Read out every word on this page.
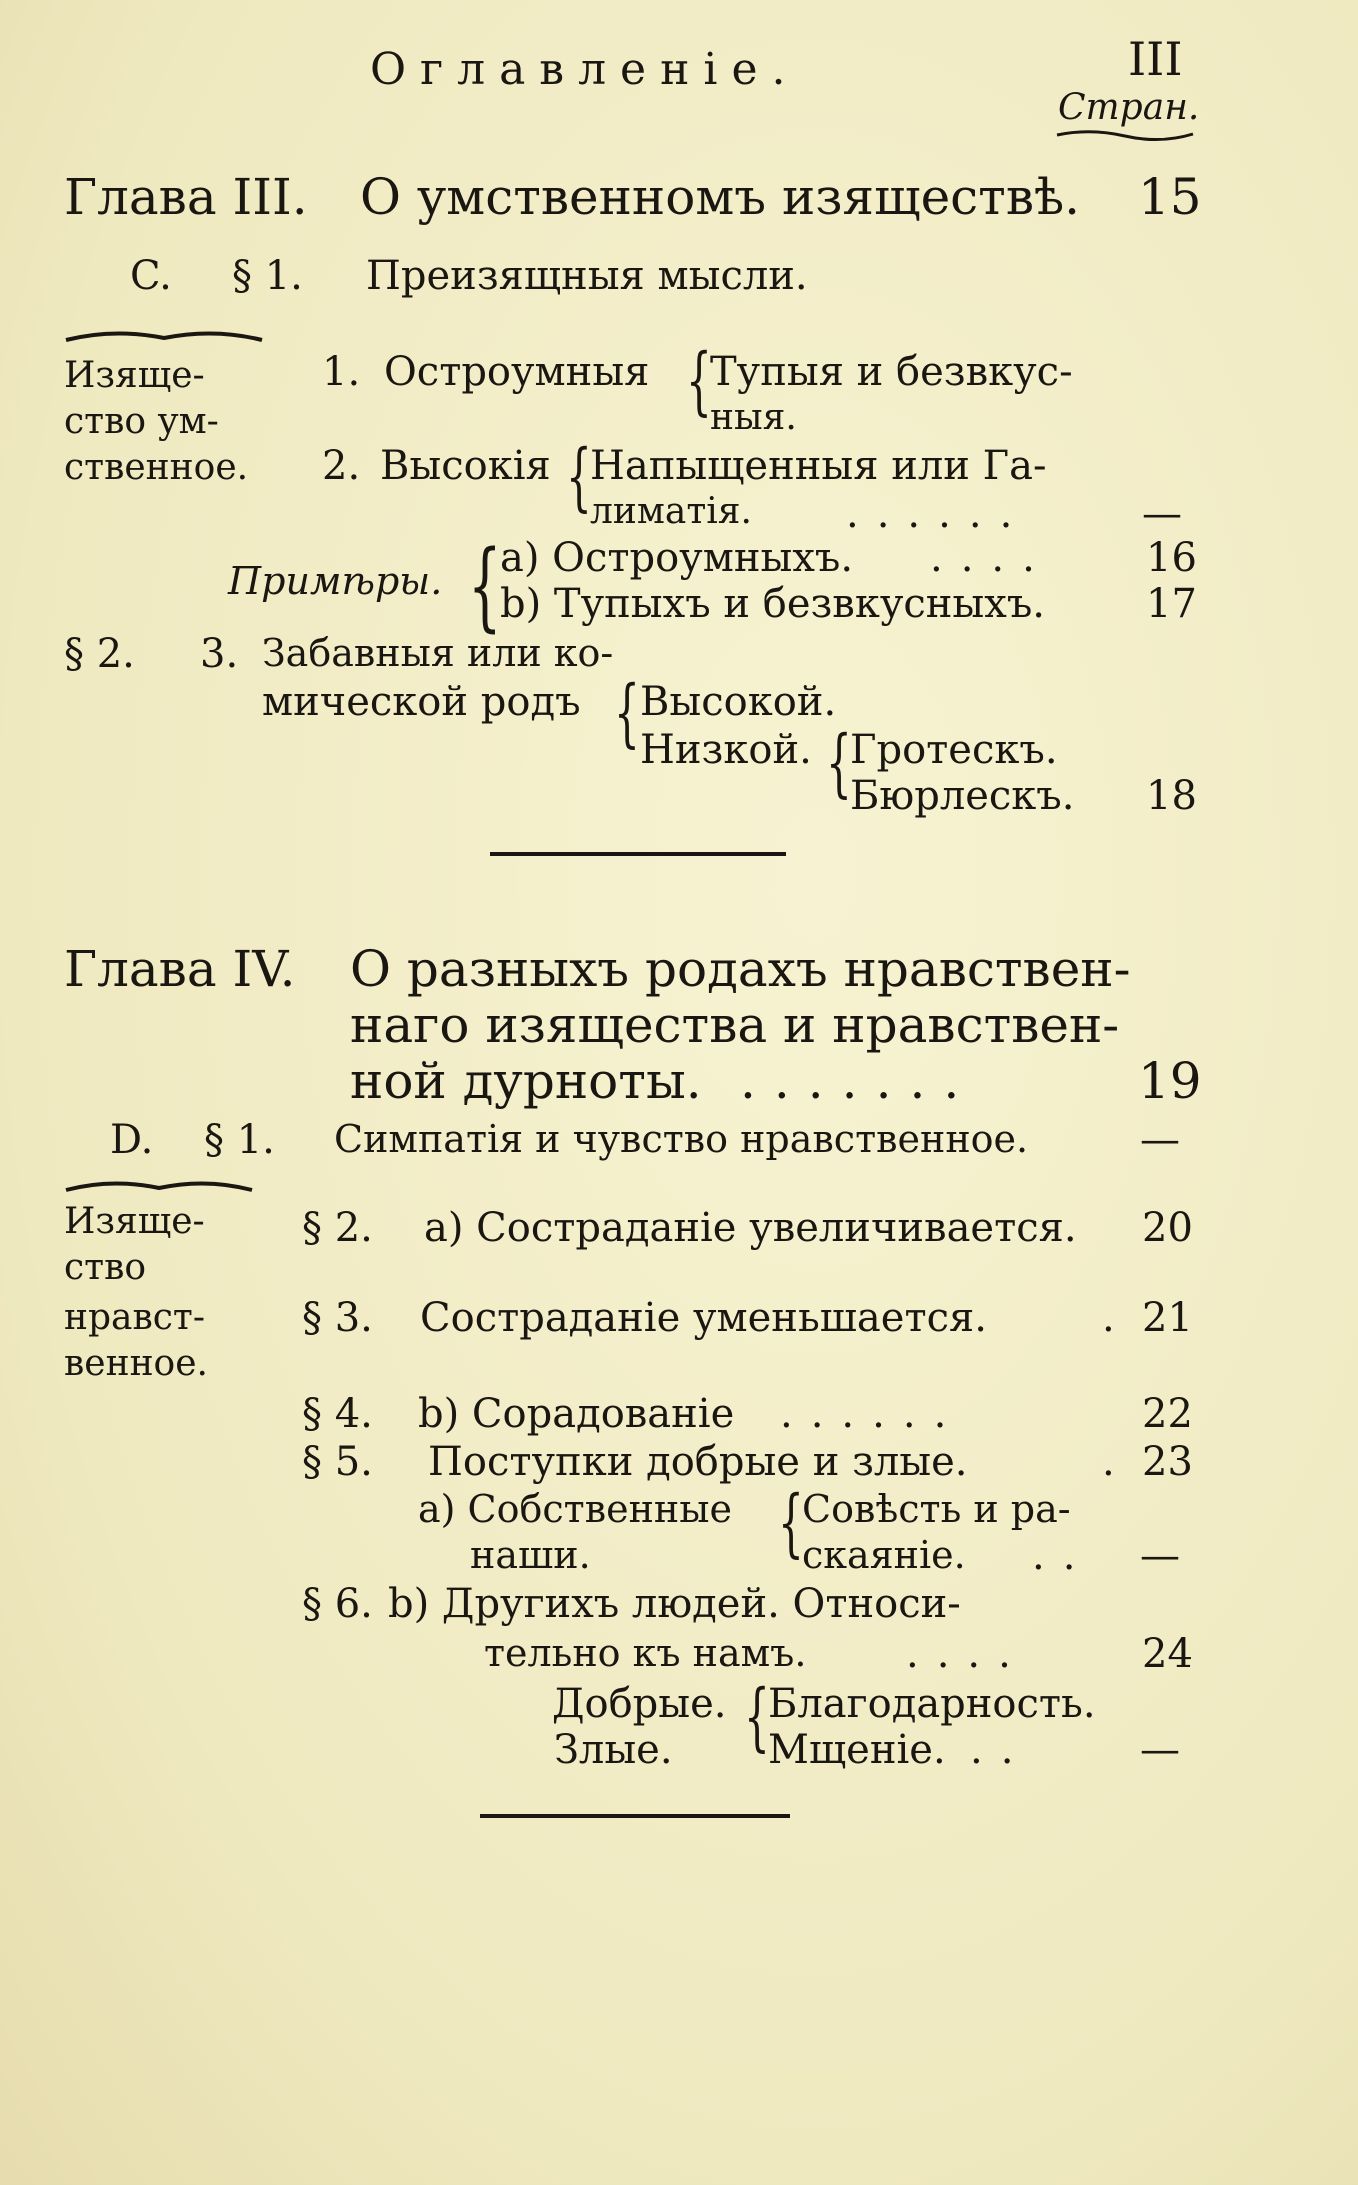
Оглавленіе.	III
Стран.
Глава III. О умственномъ изяществѣ. 15
C. § 1. Преизящныя мысли.
Изяще-
ство ум-
ственное.
1. Остроумныя {
Тупыя и безвкус-
ныя.
2. Высокія {
Напыщенныя или Га-
лиматія. ......	—
Примѣры. {
a) Остроумныхъ. .... 16
b) Тупыхъ и безвкусныхъ.	17
§ 2. 3. Забавныя или ко-
мической родъ { Высокой.
Низкой. {
Гротескъ.
Бюрлескъ. 18
Глава IV. О разныхъ родахъ нравствен-
наго изящества и нравствен-
ной дурноты. .......	19
D. § 1. Симпатія и чувство нравственное.	—
Изяще-
ство
нравст-
венное.
§ 2. a) Состраданіе увеличивается. 20
§ 3. Состраданіе уменьшается.	. 21
§ 4. b) Сорадованіе ......	22
§ 5. Поступки добрые и злые.	. 23
a) Собственные
наши.	{
Совѣсть и ра-
скаяніе. .. —
§ 6. b) Другихъ людей. Относи-
тельно къ намъ. ....	24
Добрые.
Злые. {
Благодарность.
Мщеніе. ..	—
